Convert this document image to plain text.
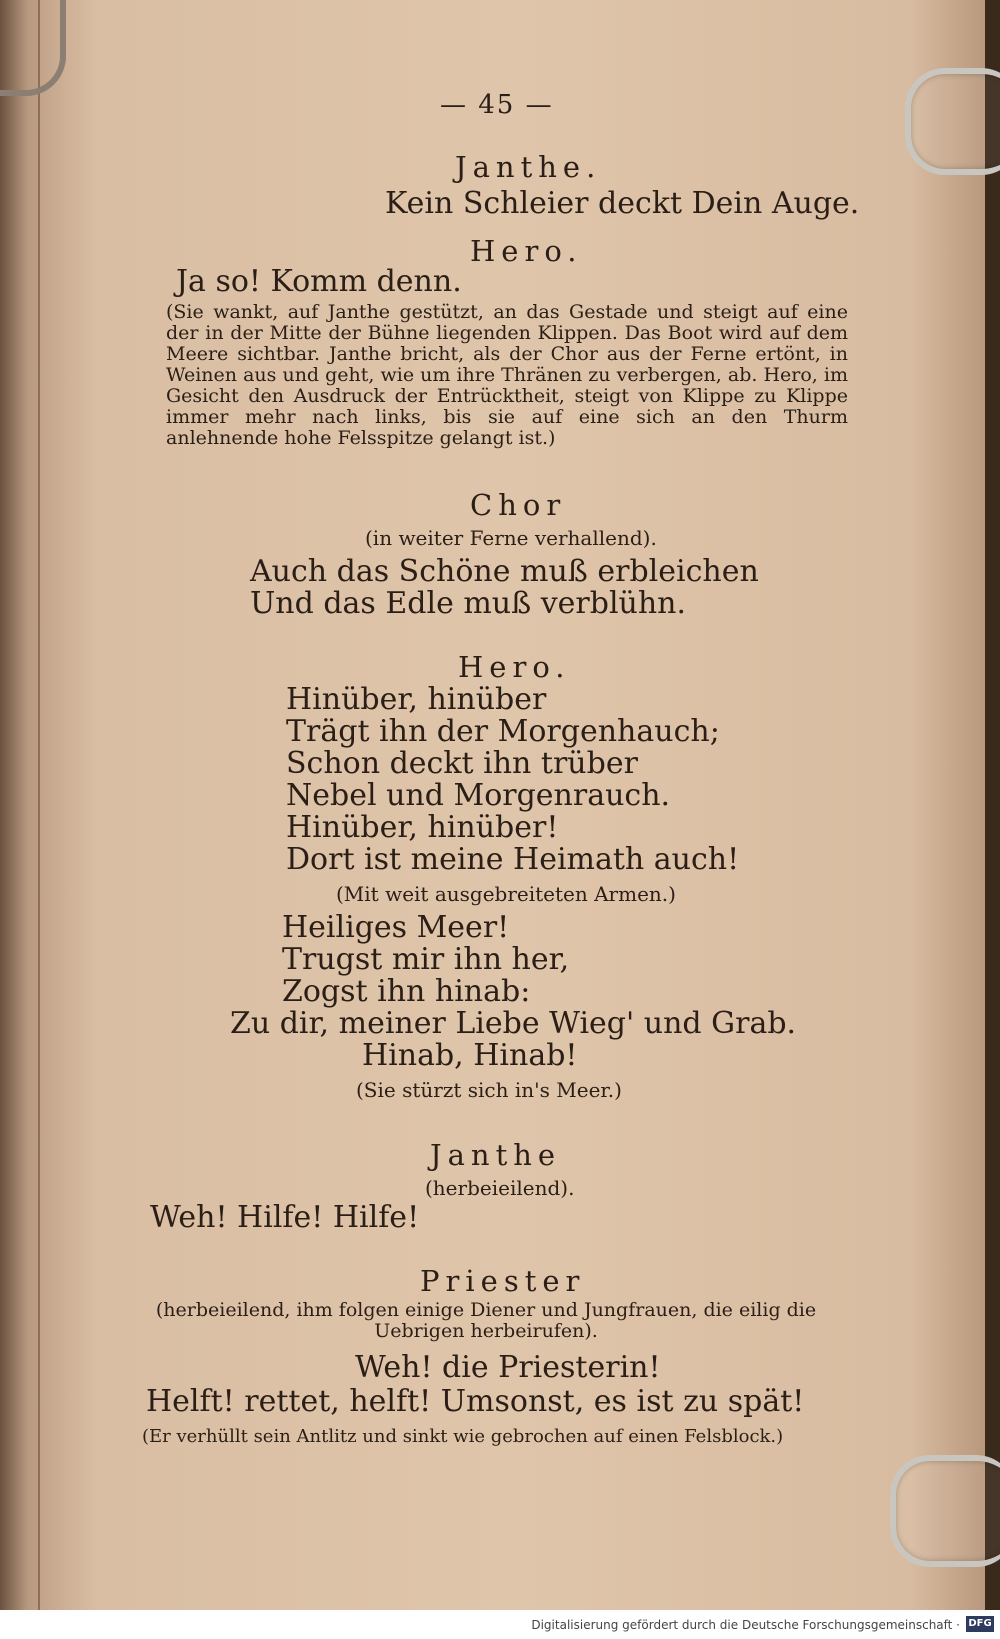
— 45 —
Janthe.
Kein Schleier deckt Dein Auge.
Hero.
Ja so! Komm denn.
(Sie wankt, auf Janthe gestützt, an das Gestade und steigt auf eine der in der Mitte der Bühne liegenden Klippen. Das Boot wird auf dem Meere sichtbar. Janthe bricht, als der Chor aus der Ferne ertönt, in Weinen aus und geht, wie um ihre Thränen zu verbergen, ab. Hero, im Gesicht den Ausdruck der Entrücktheit, steigt von Klippe zu Klippe immer mehr nach links, bis sie auf eine sich an den Thurm anlehnende hohe Felsspitze gelangt ist.)
Chor
(in weiter Ferne verhallend).
Auch das Schöne muß erbleichen
Und das Edle muß verblühn.
Hero.
Hinüber, hinüber
Trägt ihn der Morgenhauch;
Schon deckt ihn trüber
Nebel und Morgenrauch.
Hinüber, hinüber!
Dort ist meine Heimath auch!
(Mit weit ausgebreiteten Armen.)
Heiliges Meer!
Trugst mir ihn her,
Zogst ihn hinab:
Zu dir, meiner Liebe Wieg' und Grab.
Hinab, Hinab!
(Sie stürzt sich in's Meer.)
Janthe
(herbeieilend).
Weh! Hilfe! Hilfe!
Priester
(herbeieilend, ihm folgen einige Diener und Jungfrauen, die eilig die Uebrigen herbeirufen).
Weh! die Priesterin!
Helft! rettet, helft! Umsonst, es ist zu spät!
(Er verhüllt sein Antlitz und sinkt wie gebrochen auf einen Felsblock.)
Digitalisierung gefördert durch die Deutsche Forschungsgemeinschaft · DFG
